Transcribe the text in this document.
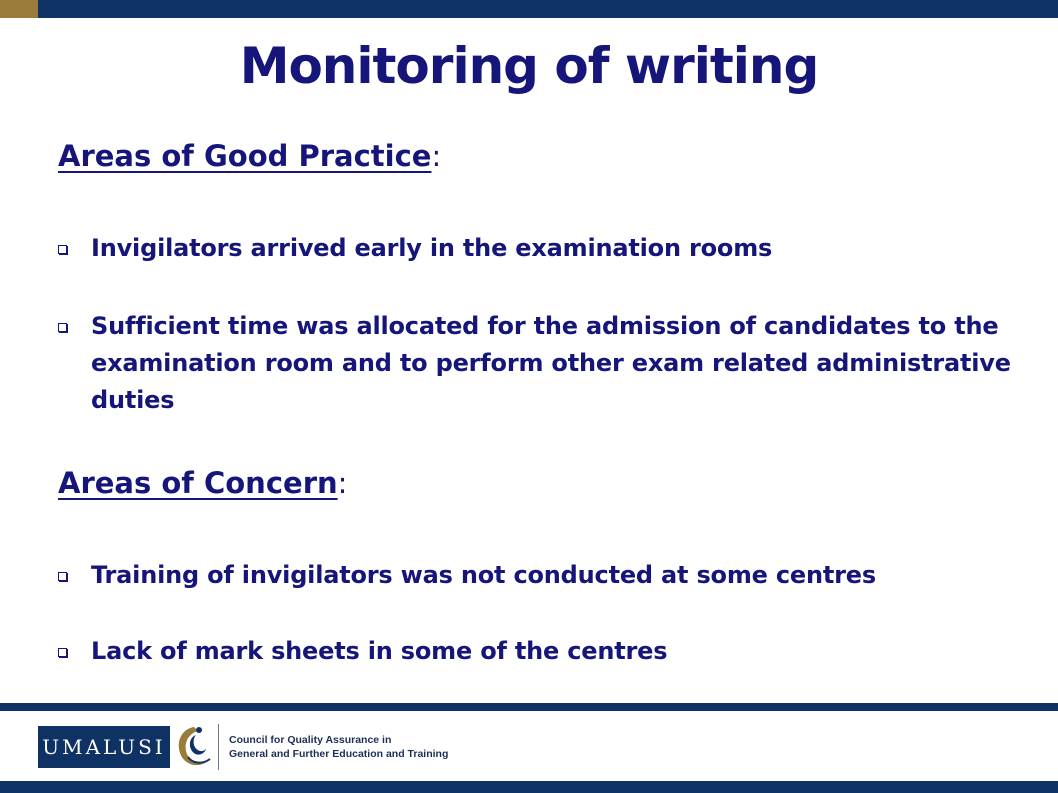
Monitoring of writing
Areas of Good Practice:
Invigilators arrived early in the examination rooms
Sufficient time was allocated for the admission of candidates to the examination room and to perform other exam related administrative duties
Areas of Concern:
Training of invigilators was not conducted at some centres
Lack of mark sheets in some of the centres
UMALUSI	Council for Quality Assurance in
General and Further Education and Training
